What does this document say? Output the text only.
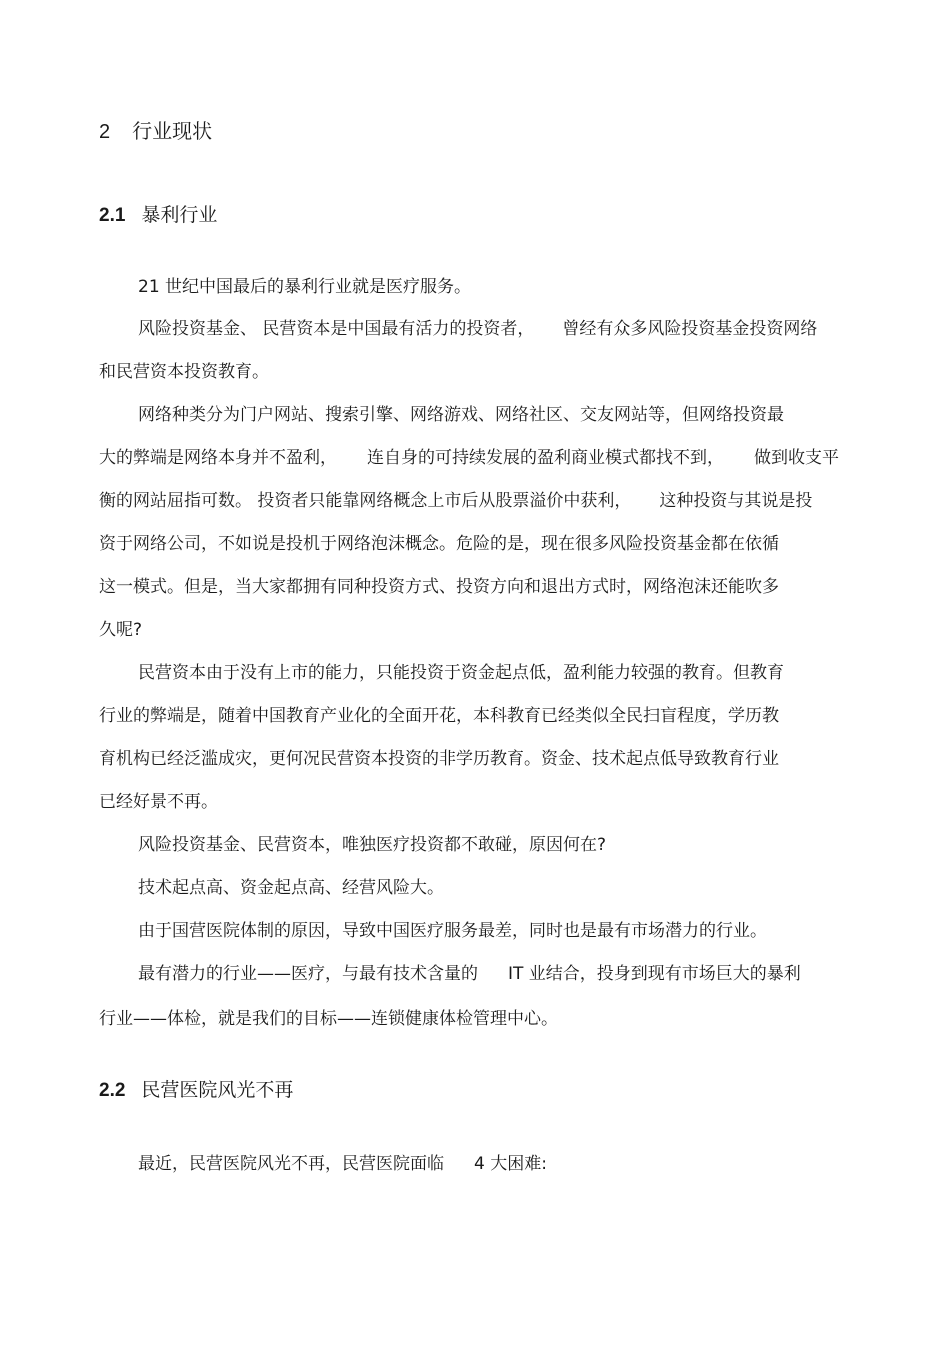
2 行业现状
2.1 暴利行业
21 世纪中国最后的暴利行业就是医疗服务。
风险投资基金、 民营资本是中国最有活力的投资者， 曾经有众多风险投资基金投资网络
和民营资本投资教育。
网络种类分为门户网站、搜索引擎、网络游戏、网络社区、交友网站等，但网络投资最
大的弊端是网络本身并不盈利， 连自身的可持续发展的盈利商业模式都找不到， 做到收支平
衡的网站屈指可数。 投资者只能靠网络概念上市后从股票溢价中获利， 这种投资与其说是投
资于网络公司，不如说是投机于网络泡沫概念。危险的是，现在很多风险投资基金都在依循
这一模式。但是，当大家都拥有同种投资方式、投资方向和退出方式时，网络泡沫还能吹多
久呢?
民营资本由于没有上市的能力，只能投资于资金起点低，盈利能力较强的教育。但教育
行业的弊端是，随着中国教育产业化的全面开花，本科教育已经类似全民扫盲程度，学历教
育机构已经泛滥成灾，更何况民营资本投资的非学历教育。资金、技术起点低导致教育行业
已经好景不再。
风险投资基金、民营资本，唯独医疗投资都不敢碰，原因何在?
技术起点高、资金起点高、经营风险大。
由于国营医院体制的原因，导致中国医疗服务最差，同时也是最有市场潜力的行业。
最有潜力的行业——医疗，与最有技术含量的 IT 业结合，投身到现有市场巨大的暴利
行业——体检，就是我们的目标——连锁健康体检管理中心。
2.2 民营医院风光不再
最近，民营医院风光不再，民营医院面临 4 大困难:
